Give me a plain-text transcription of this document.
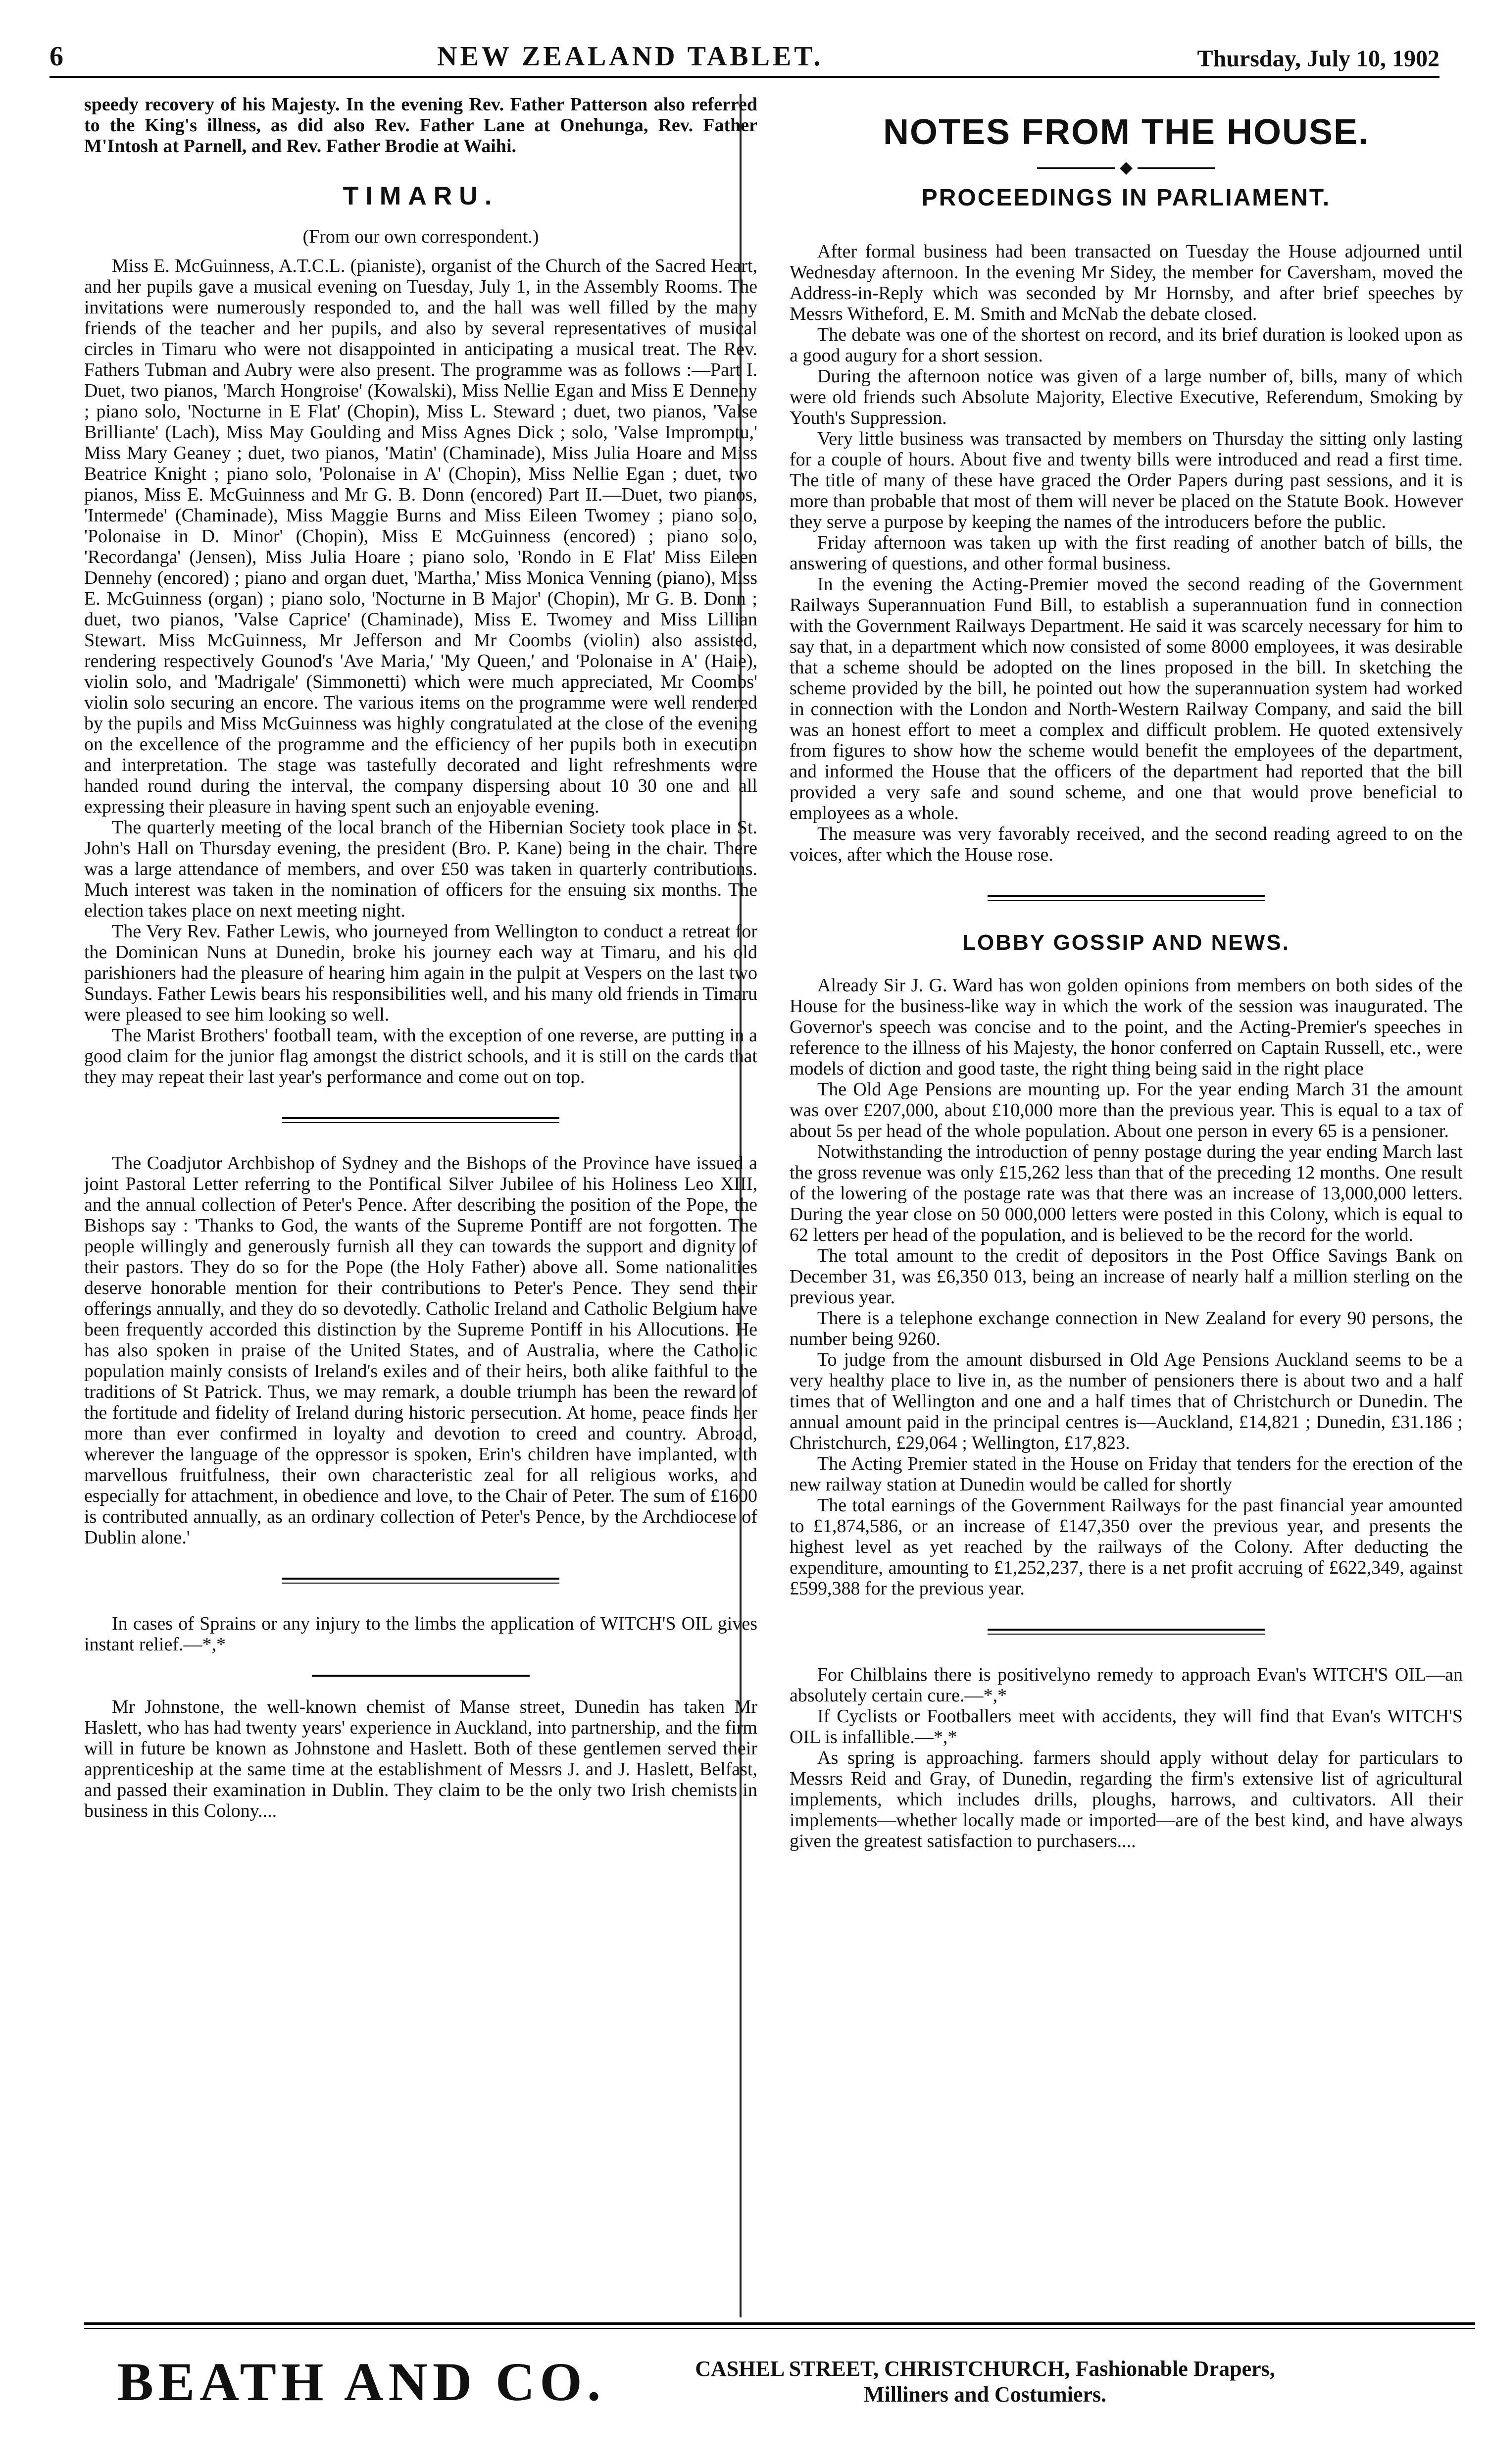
6	NEW ZEALAND TABLET.	Thursday, July 10, 1902

speedy recovery of his Majesty. In the evening Rev. Father Patterson also referred to the King's illness, as did also Rev. Father Lane at Onehunga, Rev. Father M'Intosh at Parnell, and Rev. Father Brodie at Waihi.

TIMARU.
(From our own correspondent.)

Miss E. McGuinness, A.T.C.L. (pianiste), organist of the Church of the Sacred Heart, and her pupils gave a musical evening on Tuesday, July 1, in the Assembly Rooms. The invitations were numerously responded to, and the hall was well filled by the many friends of the teacher and her pupils, and also by several representatives of musical circles in Timaru who were not disappointed in anticipating a musical treat. The Rev. Fathers Tubman and Aubry were also present. The programme was as follows :—Part I. Duet, two pianos, 'March Hongroise' (Kowalski), Miss Nellie Egan and Miss E Dennehy ; piano solo, 'Nocturne in E Flat' (Chopin), Miss L. Steward ; duet, two pianos, 'Valse Brilliante' (Lach), Miss May Goulding and Miss Agnes Dick ; solo, 'Valse Impromptu,' Miss Mary Geaney ; duet, two pianos, 'Matin' (Chaminade), Miss Julia Hoare and Miss Beatrice Knight ; piano solo, 'Polonaise in A' (Chopin), Miss Nellie Egan ; duet, two pianos, Miss E. McGuinness and Mr G. B. Donn (encored) Part II.—Duet, two pianos, 'Intermede' (Chaminade), Miss Maggie Burns and Miss Eileen Twomey ; piano solo, 'Polonaise in D. Minor' (Chopin), Miss E McGuinness (encored) ; piano solo, 'Recordanga' (Jensen), Miss Julia Hoare ; piano solo, 'Rondo in E Flat' Miss Eileen Dennehy (encored) ; piano and organ duet, 'Martha,' Miss Monica Venning (piano), Miss E. McGuinness (organ) ; piano solo, 'Nocturne in B Major' (Chopin), Mr G. B. Donn ; duet, two pianos, 'Valse Caprice' (Chaminade), Miss E. Twomey and Miss Lillian Stewart. Miss McGuinness, Mr Jefferson and Mr Coombs (violin) also assisted, rendering respectively Gounod's 'Ave Maria,' 'My Queen,' and 'Polonaise in A' (Haie), violin solo, and 'Madrigale' (Simmonetti) which were much appreciated, Mr Coombs' violin solo securing an encore. The various items on the programme were well rendered by the pupils and Miss McGuinness was highly congratulated at the close of the evening on the excellence of the programme and the efficiency of her pupils both in execution and interpretation. The stage was tastefully decorated and light refreshments were handed round during the interval, the company dispersing about 10 30 one and all expressing their pleasure in having spent such an enjoyable evening.

The quarterly meeting of the local branch of the Hibernian Society took place in St. John's Hall on Thursday evening, the president (Bro. P. Kane) being in the chair. There was a large attendance of members, and over £50 was taken in quarterly contributions. Much interest was taken in the nomination of officers for the ensuing six months. The election takes place on next meeting night.

The Very Rev. Father Lewis, who journeyed from Wellington to conduct a retreat for the Dominican Nuns at Dunedin, broke his journey each way at Timaru, and his old parishioners had the pleasure of hearing him again in the pulpit at Vespers on the last two Sundays. Father Lewis bears his responsibilities well, and his many old friends in Timaru were pleased to see him looking so well.

The Marist Brothers' football team, with the exception of one reverse, are putting in a good claim for the junior flag amongst the district schools, and it is still on the cards that they may repeat their last year's performance and come out on top.

The Coadjutor Archbishop of Sydney and the Bishops of the Province have issued a joint Pastoral Letter referring to the Pontifical Silver Jubilee of his Holiness Leo XIII, and the annual collection of Peter's Pence. After describing the position of the Pope, the Bishops say : 'Thanks to God, the wants of the Supreme Pontiff are not forgotten. The people willingly and generously furnish all they can towards the support and dignity of their pastors. They do so for the Pope (the Holy Father) above all. Some nationalities deserve honorable mention for their contributions to Peter's Pence. They send their offerings annually, and they do so devotedly. Catholic Ireland and Catholic Belgium have been frequently accorded this distinction by the Supreme Pontiff in his Allocutions. He has also spoken in praise of the United States, and of Australia, where the Catholic population mainly consists of Ireland's exiles and of their heirs, both alike faithful to the traditions of St Patrick. Thus, we may remark, a double triumph has been the reward of the fortitude and fidelity of Ireland during historic persecution. At home, peace finds her more than ever confirmed in loyalty and devotion to creed and country. Abroad, wherever the language of the oppressor is spoken, Erin's children have implanted, with marvellous fruitfulness, their own characteristic zeal for all religious works, and especially for attachment, in obedience and love, to the Chair of Peter. The sum of £1600 is contributed annually, as an ordinary collection of Peter's Pence, by the Archdiocese of Dublin alone.'

In cases of Sprains or any injury to the limbs the application of WITCH'S OIL gives instant relief.—*,*

Mr Johnstone, the well-known chemist of Manse street, Dunedin has taken Mr Haslett, who has had twenty years' experience in Auckland, into partnership, and the firm will in future be known as Johnstone and Haslett. Both of these gentlemen served their apprenticeship at the same time at the establishment of Messrs J. and J. Haslett, Belfast, and passed their examination in Dublin. They claim to be the only two Irish chemists in business in this Colony....

NOTES FROM THE HOUSE.
◆
PROCEEDINGS IN PARLIAMENT.

After formal business had been transacted on Tuesday the House adjourned until Wednesday afternoon. In the evening Mr Sidey, the member for Caversham, moved the Address-in-Reply which was seconded by Mr Hornsby, and after brief speeches by Messrs Witheford, E. M. Smith and McNab the debate closed.

The debate was one of the shortest on record, and its brief duration is looked upon as a good augury for a short session.

During the afternoon notice was given of a large number of, bills, many of which were old friends such Absolute Majority, Elective Executive, Referendum, Smoking by Youth's Suppression.

Very little business was transacted by members on Thursday the sitting only lasting for a couple of hours. About five and twenty bills were introduced and read a first time. The title of many of these have graced the Order Papers during past sessions, and it is more than probable that most of them will never be placed on the Statute Book. However they serve a purpose by keeping the names of the introducers before the public.

Friday afternoon was taken up with the first reading of another batch of bills, the answering of questions, and other formal business.

In the evening the Acting-Premier moved the second reading of the Government Railways Superannuation Fund Bill, to establish a superannuation fund in connection with the Government Railways Department. He said it was scarcely necessary for him to say that, in a department which now consisted of some 8000 employees, it was desirable that a scheme should be adopted on the lines proposed in the bill. In sketching the scheme provided by the bill, he pointed out how the superannuation system had worked in connection with the London and North-Western Railway Company, and said the bill was an honest effort to meet a complex and difficult problem. He quoted extensively from figures to show how the scheme would benefit the employees of the department, and informed the House that the officers of the department had reported that the bill provided a very safe and sound scheme, and one that would prove beneficial to employees as a whole.

The measure was very favorably received, and the second reading agreed to on the voices, after which the House rose.

LOBBY GOSSIP AND NEWS.

Already Sir J. G. Ward has won golden opinions from members on both sides of the House for the business-like way in which the work of the session was inaugurated. The Governor's speech was concise and to the point, and the Acting-Premier's speeches in reference to the illness of his Majesty, the honor conferred on Captain Russell, etc., were models of diction and good taste, the right thing being said in the right place

The Old Age Pensions are mounting up. For the year ending March 31 the amount was over £207,000, about £10,000 more than the previous year. This is equal to a tax of about 5s per head of the whole population. About one person in every 65 is a pensioner.

Notwithstanding the introduction of penny postage during the year ending March last the gross revenue was only £15,262 less than that of the preceding 12 months. One result of the lowering of the postage rate was that there was an increase of 13,000,000 letters. During the year close on 50 000,000 letters were posted in this Colony, which is equal to 62 letters per head of the population, and is believed to be the record for the world.

The total amount to the credit of depositors in the Post Office Savings Bank on December 31, was £6,350 013, being an increase of nearly half a million sterling on the previous year.

There is a telephone exchange connection in New Zealand for every 90 persons, the number being 9260.

To judge from the amount disbursed in Old Age Pensions Auckland seems to be a very healthy place to live in, as the number of pensioners there is about two and a half times that of Wellington and one and a half times that of Christchurch or Dunedin. The annual amount paid in the principal centres is—Auckland, £14,821 ; Dunedin, £31.186 ; Christchurch, £29,064 ; Wellington, £17,823.

The Acting Premier stated in the House on Friday that tenders for the erection of the new railway station at Dunedin would be called for shortly

The total earnings of the Government Railways for the past financial year amounted to £1,874,586, or an increase of £147,350 over the previous year, and presents the highest level as yet reached by the railways of the Colony. After deducting the expenditure, amounting to £1,252,237, there is a net profit accruing of £622,349, against £599,388 for the previous year.

For Chilblains there is positivelyno remedy to approach Evan's WITCH'S OIL—an absolutely certain cure.—*,*

If Cyclists or Footballers meet with accidents, they will find that Evan's WITCH'S OIL is infallible.—*,*

As spring is approaching. farmers should apply without delay for particulars to Messrs Reid and Gray, of Dunedin, regarding the firm's extensive list of agricultural implements, which includes drills, ploughs, harrows, and cultivators. All their implements—whether locally made or imported—are of the best kind, and have always given the greatest satisfaction to purchasers....

BEATH AND CO.	CASHEL STREET, CHRISTCHURCH, Fashionable Drapers,
Milliners and Costumiers.
